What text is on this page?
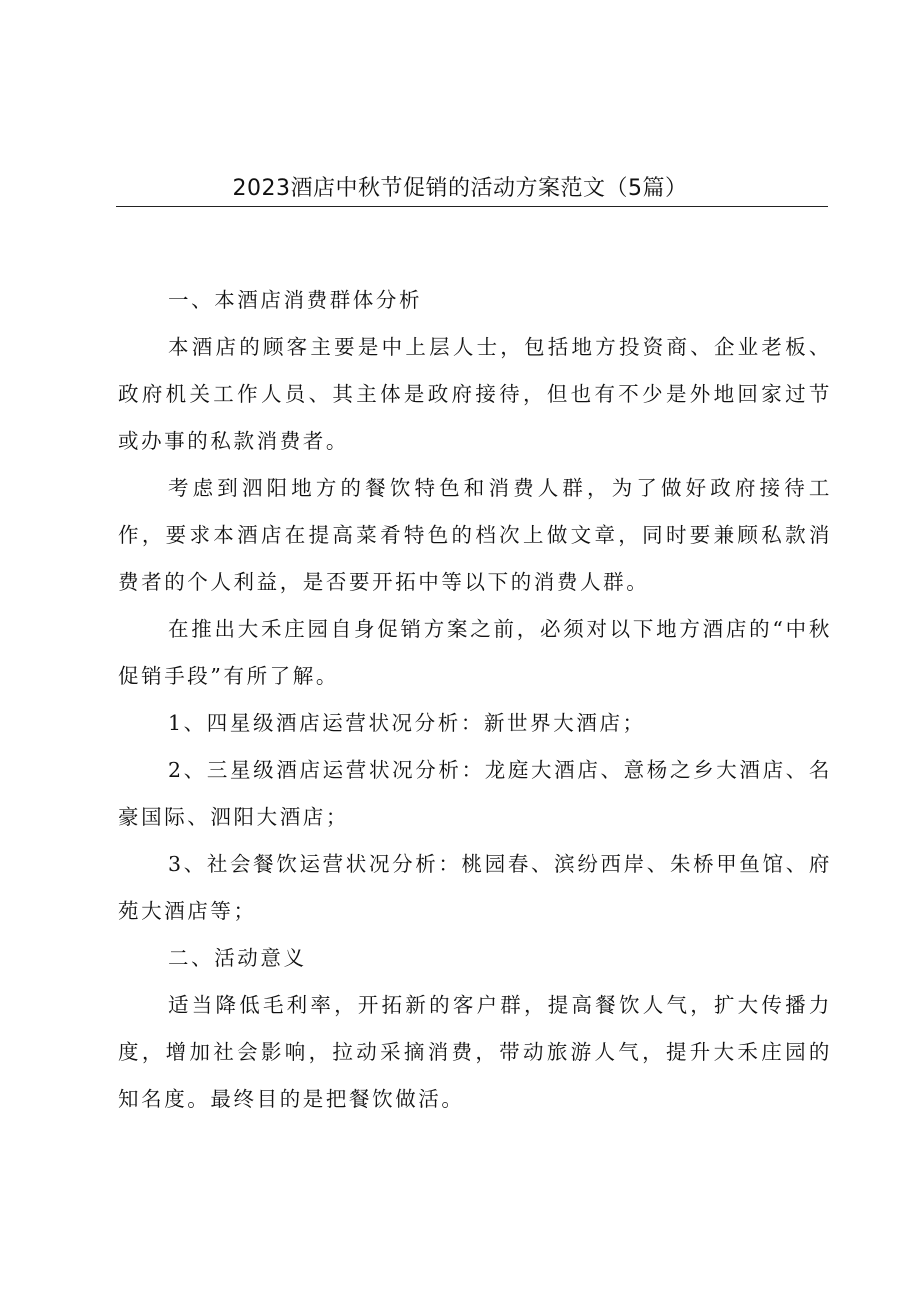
2023酒店中秋节促销的活动方案范文（5篇）

一、本酒店消费群体分析

本酒店的顾客主要是中上层人士，包括地方投资商、企业老板、政府机关工作人员、其主体是政府接待，但也有不少是外地回家过节或办事的私款消费者。

考虑到泗阳地方的餐饮特色和消费人群，为了做好政府接待工作，要求本酒店在提高菜肴特色的档次上做文章，同时要兼顾私款消费者的个人利益，是否要开拓中等以下的消费人群。

在推出大禾庄园自身促销方案之前，必须对以下地方酒店的“中秋促销手段”有所了解。

1、四星级酒店运营状况分析：新世界大酒店；

2、三星级酒店运营状况分析：龙庭大酒店、意杨之乡大酒店、名豪国际、泗阳大酒店；

3、社会餐饮运营状况分析：桃园春、滨纷西岸、朱桥甲鱼馆、府苑大酒店等；

二、活动意义

适当降低毛利率，开拓新的客户群，提高餐饮人气，扩大传播力度，增加社会影响，拉动采摘消费，带动旅游人气，提升大禾庄园的知名度。最终目的是把餐饮做活。
